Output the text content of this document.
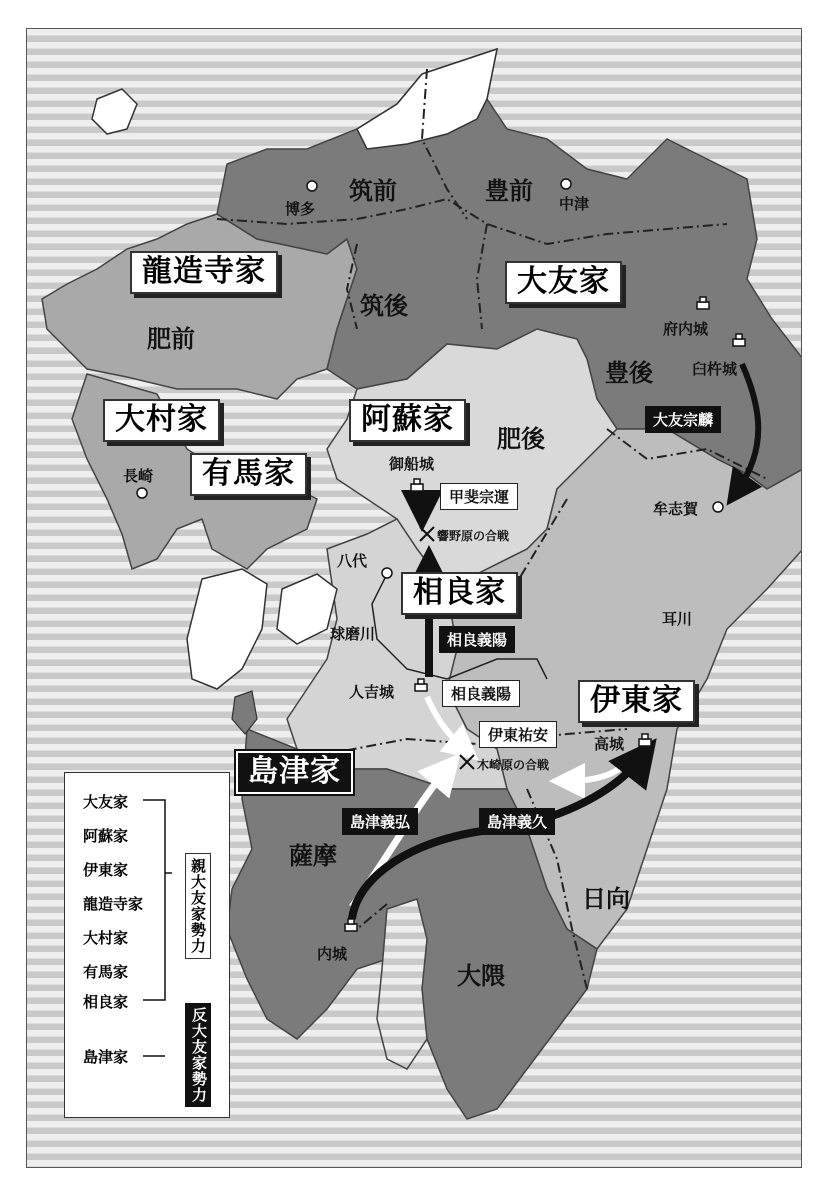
筑前	豊前
筑後
肥前
豊後
肥後
日向
薩摩
大隈
博多	中津
府内城
臼杵城
長崎
御船城
牟志賀
八代
球磨川
人吉城
耳川
高城
内城
響野原の合戦
木崎原の合戦
龍造寺家	大友家
大村家
有馬家
阿蘇家
相良家
伊東家
島津家
大友宗麟
甲斐宗運
相良義陽
相良義陽
伊東祐安
島津義弘	島津義久
大友家
阿蘇家
伊東家
龍造寺家
大村家
有馬家
相良家
島津家
親大友家勢力
反大友家勢力
